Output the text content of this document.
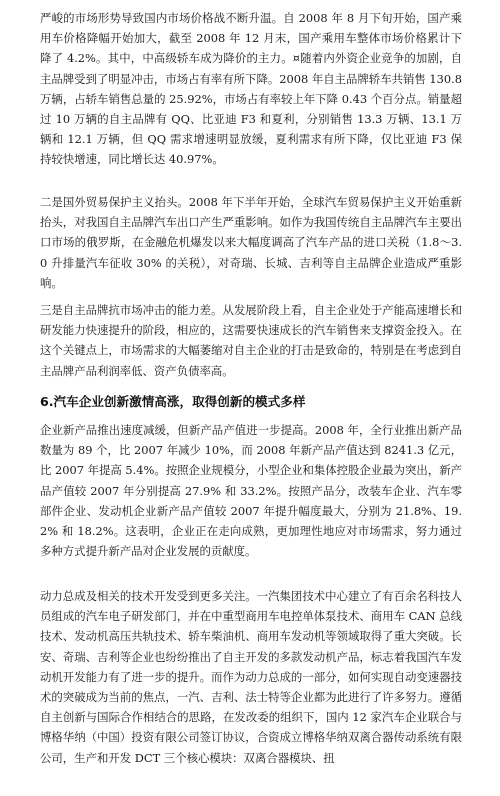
严峻的市场形势导致国内市场价格战不断升温。自 2008 年 8 月下旬开始，国产乘用车价格降幅开始加大，截至 2008 年 12 月末，国产乘用车整体市场价格累计下降了 4.2%。其中，中高级轿车成为降价的主力。¤随着内外资企业竞争的加剧，自主品牌受到了明显冲击，市场占有率有所下降。2008 年自主品牌轿车共销售 130.8 万辆，占轿车销售总量的 25.92%，市场占有率较上年下降 0.43 个百分点。销量超过 10 万辆的自主品牌有 QQ、比亚迪 F3 和夏利，分别销售 13.3 万辆、13.1 万辆和 12.1 万辆，但 QQ 需求增速明显放缓，夏利需求有所下降，仅比亚迪 F3 保持较快增速，同比增长达 40.97%。

二是国外贸易保护主义抬头。2008 年下半年开始，全球汽车贸易保护主义开始重新抬头，对我国自主品牌汽车出口产生严重影响。如作为我国传统自主品牌汽车主要出口市场的俄罗斯，在金融危机爆发以来大幅度调高了汽车产品的进口关税（1.8～3.0 升排量汽车征收 30% 的关税），对奇瑞、长城、吉利等自主品牌企业造成严重影响。

三是自主品牌抗市场冲击的能力差。从发展阶段上看，自主企业处于产能高速增长和研发能力快速提升的阶段，相应的，这需要快速成长的汽车销售来支撑资金投入。在这个关键点上，市场需求的大幅萎缩对自主企业的打击是致命的，特别是在考虑到自主品牌产品利润率低、资产负债率高。

6.汽车企业创新激情高涨，取得创新的模式多样

企业新产品推出速度减缓，但新产品产值进一步提高。2008 年，全行业推出新产品数量为 89 个，比 2007 年减少 10%，而 2008 年新产品产值达到 8241.3 亿元，比 2007 年提高 5.4%。按照企业规模分，小型企业和集体控股企业最为突出，新产品产值较 2007 年分别提高 27.9% 和 33.2%。按照产品分，改装车企业、汽车零部件企业、发动机企业新产品产值较 2007 年提升幅度最大，分别为 21.8%、19.2% 和 18.2%。这表明，企业正在走向成熟，更加理性地应对市场需求，努力通过多种方式提升新产品对企业发展的贡献度。

动力总成及相关的技术开发受到更多关注。一汽集团技术中心建立了有百余名科技人员组成的汽车电子研发部门，并在中重型商用车电控单体泵技术、商用车 CAN 总线技术、发动机高压共轨技术、轿车柴油机、商用车发动机等领域取得了重大突破。长安、奇瑞、吉利等企业也纷纷推出了自主开发的多款发动机产品，标志着我国汽车发动机开发能力有了进一步的提升。而作为动力总成的一部分，如何实现自动变速器技术的突破成为当前的焦点，一汽、吉利、法士特等企业都为此进行了许多努力。遵循自主创新与国际合作相结合的思路，在发改委的组织下，国内 12 家汽车企业联合与博格华纳（中国）投资有限公司签订协议，合资成立博格华纳双离合器传动系统有限公司，生产和开发 DCT 三个核心模块：双离合器模块、扭
